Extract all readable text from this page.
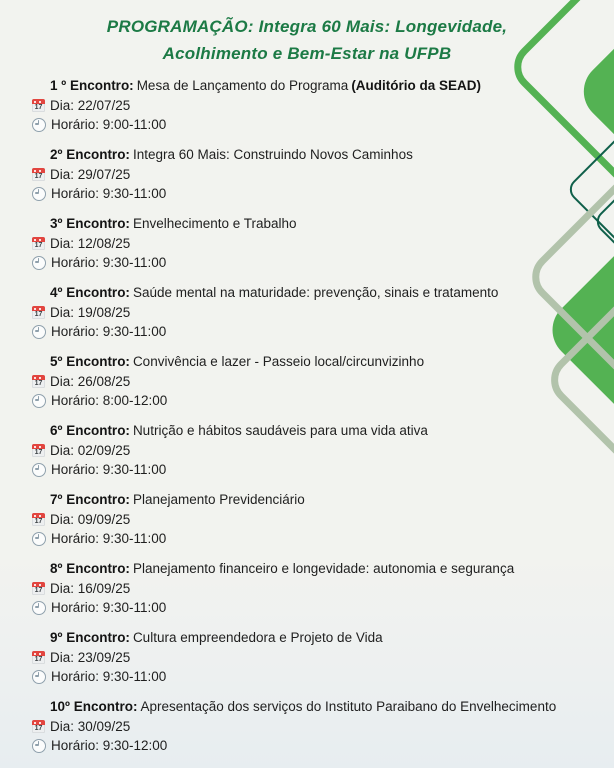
PROGRAMAÇÃO: Integra 60 Mais: Longevidade,
Acolhimento e Bem-Estar na UFPB
1 º Encontro: Mesa de Lançamento do Programa (Auditório da SEAD)
17 Dia: 22/07/25
Horário: 9:00-11:00
2º Encontro: Integra 60 Mais: Construindo Novos Caminhos
17 Dia: 29/07/25
Horário: 9:30-11:00
3º Encontro: Envelhecimento e Trabalho
17 Dia: 12/08/25
Horário: 9:30-11:00
4º Encontro: Saúde mental na maturidade: prevenção, sinais e tratamento
17 Dia: 19/08/25
Horário: 9:30-11:00
5º Encontro: Convivência e lazer - Passeio local/circunvizinho
17 Dia: 26/08/25
Horário: 8:00-12:00
6º Encontro: Nutrição e hábitos saudáveis para uma vida ativa
17 Dia: 02/09/25
Horário: 9:30-11:00
7º Encontro: Planejamento Previdenciário
17 Dia: 09/09/25
Horário: 9:30-11:00
8º Encontro: Planejamento financeiro e longevidade: autonomia e segurança
17 Dia: 16/09/25
Horário: 9:30-11:00
9º Encontro: Cultura empreendedora e Projeto de Vida
17 Dia: 23/09/25
Horário: 9:30-11:00
10º Encontro: Apresentação dos serviços do Instituto Paraibano do Envelhecimento
17 Dia: 30/09/25
Horário: 9:30-12:00
